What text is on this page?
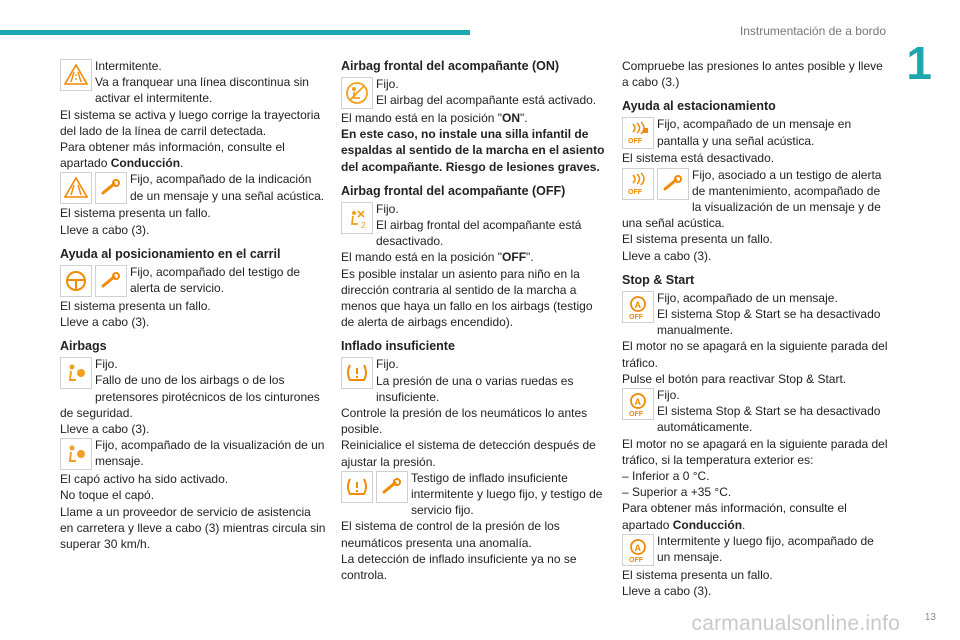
Instrumentación de a bordo
1

Intermitente.

Va a franquear una línea discontinua sin activar el intermitente.

El sistema se activa y luego corrige la trayectoria del lado de la línea de carril detectada.

Para obtener más información, consulte el apartado Conducción.

Fijo, acompañado de la indicación de un mensaje y una señal acústica.

El sistema presenta un fallo.

Lleve a cabo (3).

Ayuda al posicionamiento en el carril

Fijo, acompañado del testigo de alerta de servicio.

El sistema presenta un fallo.

Lleve a cabo (3).

Airbags

Fijo.

Fallo de uno de los airbags o de los pretensores pirotécnicos de los cinturones de seguridad.

Lleve a cabo (3).

Fijo, acompañado de la visualización de un mensaje.

El capó activo ha sido activado.

No toque el capó.

Llame a un proveedor de servicio de asistencia en carretera y lleve a cabo (3) mientras circula sin superar 30 km/h.

Airbag frontal del acompañante (ON)

Fijo.

El airbag del acompañante está activado.

El mando está en la posición "ON".

En este caso, no instale una silla infantil de espaldas al sentido de la marcha en el asiento del acompañante. Riesgo de lesiones graves.

Airbag frontal del acompañante (OFF)
2

Fijo.

El airbag frontal del acompañante está desactivado.

El mando está en la posición "OFF".

Es posible instalar un asiento para niño en la dirección contraria al sentido de la marcha a menos que haya un fallo en los airbags (testigo de alerta de airbags encendido).

Inflado insuficiente

Fijo.

La presión de una o varias ruedas es insuficiente.

Controle la presión de los neumáticos lo antes posible.

Reinicialice el sistema de detección después de ajustar la presión.

Testigo de inflado insuficiente intermitente y luego fijo, y testigo de servicio fijo.

El sistema de control de la presión de los neumáticos presenta una anomalía.

La detección de inflado insuficiente ya no se controla.

Compruebe las presiones lo antes posible y lleve a cabo (3.)

Ayuda al estacionamiento
OFF

Fijo, acompañado de un mensaje en pantalla y una señal acústica.

El sistema está desactivado.

OFF

Fijo, asociado a un testigo de alerta de mantenimiento, acompañado de la visualización de un mensaje y de una señal acústica.

El sistema presenta un fallo.

Lleve a cabo (3).

Stop & Start
A
OFF

Fijo, acompañado de un mensaje.

El sistema Stop & Start se ha desactivado manualmente.

El motor no se apagará en la siguiente parada del tráfico.

Pulse el botón para reactivar Stop & Start.

A
OFF

Fijo.

El sistema Stop & Start se ha desactivado automáticamente.

El motor no se apagará en la siguiente parada del tráfico, si la temperatura exterior es:

– Inferior a 0 °C.

– Superior a +35 °C.

Para obtener más información, consulte el apartado Conducción.

A
OFF

Intermitente y luego fijo, acompañado de un mensaje.

El sistema presenta un fallo.

Lleve a cabo (3).

carmanualsonline.info 13
